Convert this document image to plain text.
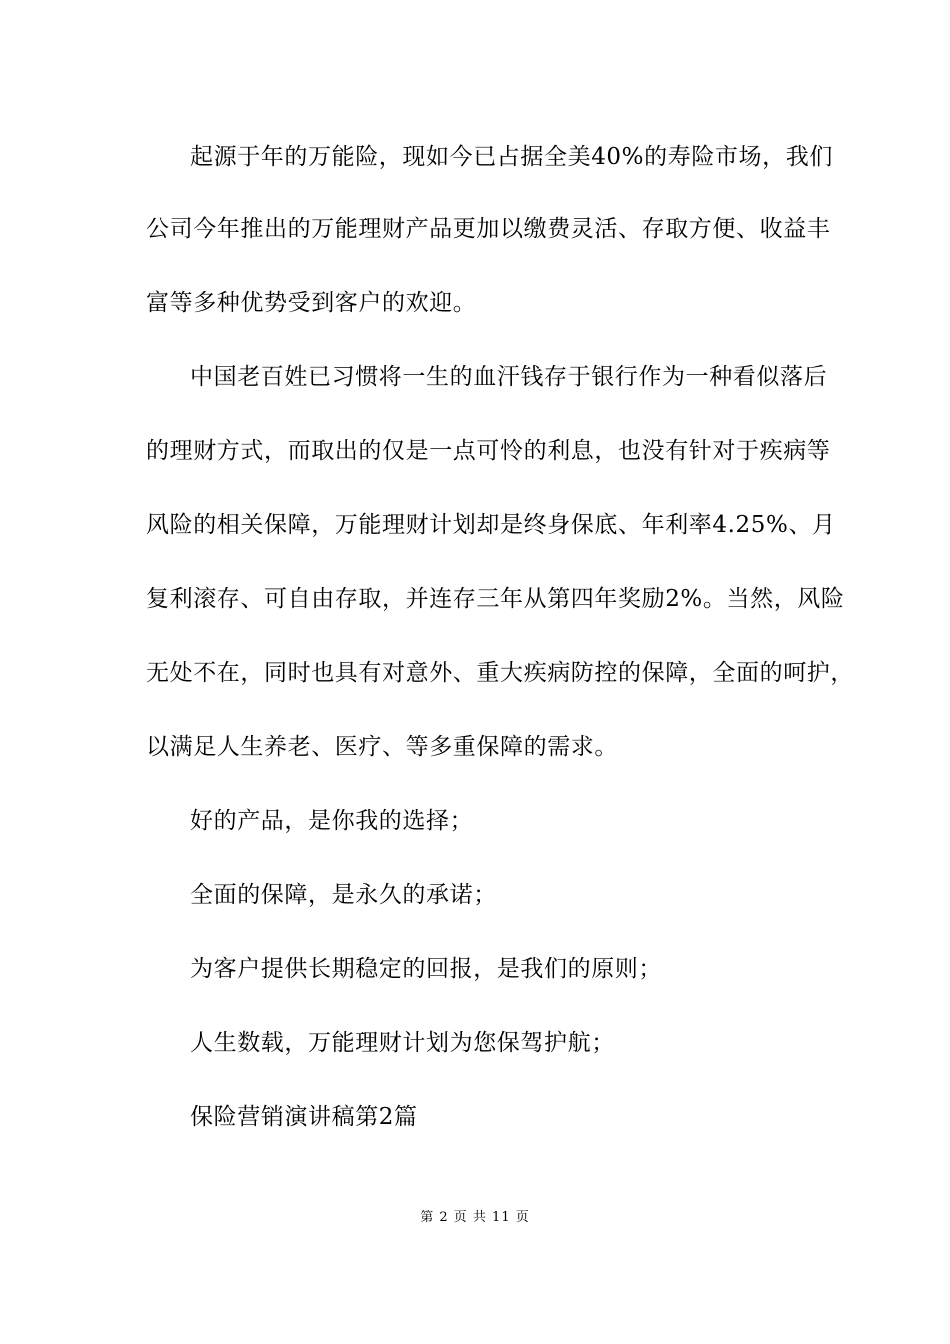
起源于年的万能险，现如今已占据全美40%的寿险市场，我们
公司今年推出的万能理财产品更加以缴费灵活、存取方便、收益丰
富等多种优势受到客户的欢迎。
中国老百姓已习惯将一生的血汗钱存于银行作为一种看似落后
的理财方式，而取出的仅是一点可怜的利息，也没有针对于疾病等
风险的相关保障，万能理财计划却是终身保底、年利率4.25%、月
复利滚存、可自由存取，并连存三年从第四年奖励2%。当然，风险
无处不在，同时也具有对意外、重大疾病防控的保障，全面的呵护，
以满足人生养老、医疗、等多重保障的需求。
好的产品，是你我的选择；
全面的保障，是永久的承诺；
为客户提供长期稳定的回报，是我们的原则；
人生数载，万能理财计划为您保驾护航；
保险营销演讲稿第2篇
第 2 页 共 11 页
